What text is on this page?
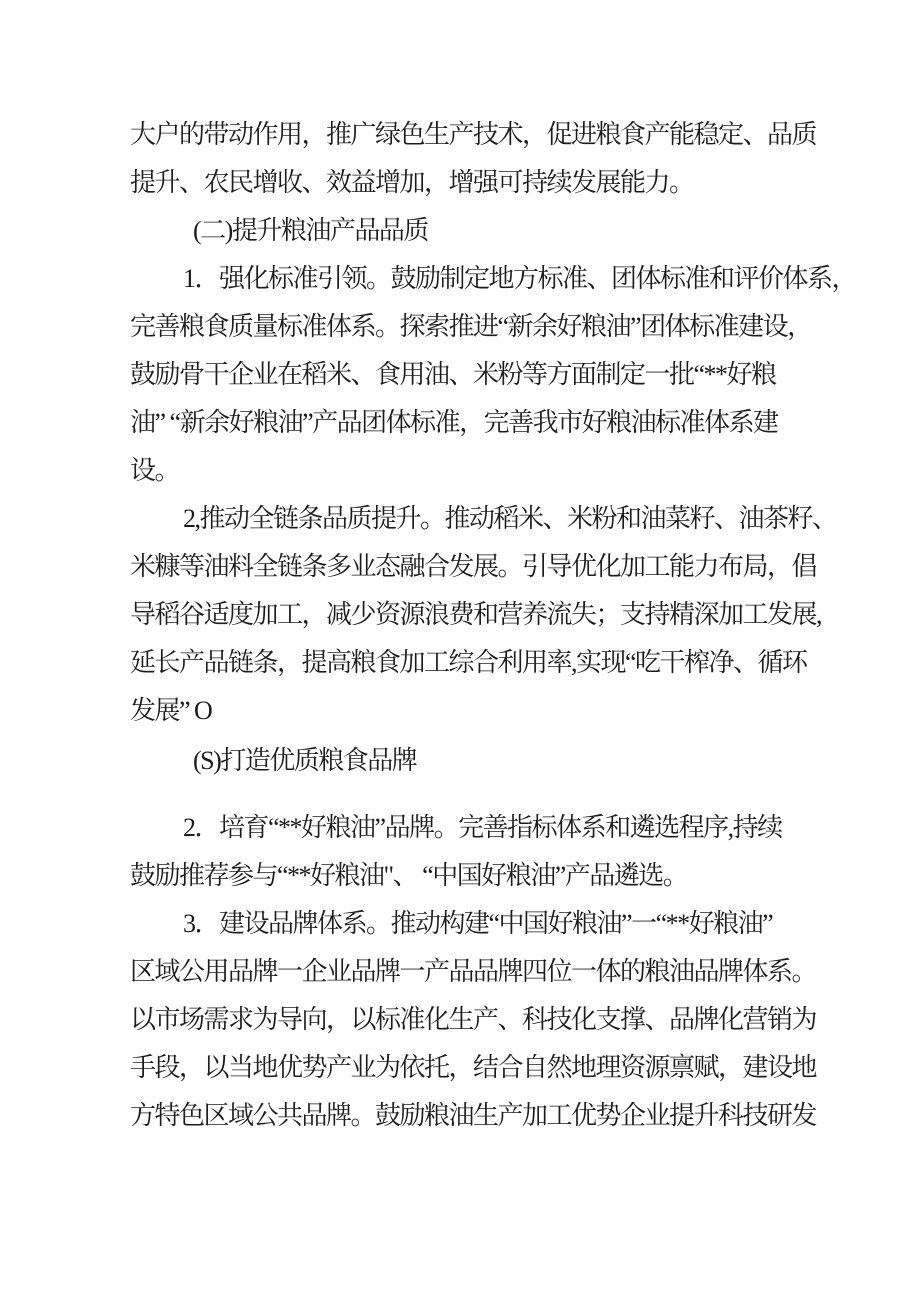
大户的带动作用，推广绿色生产技术，促进粮食产能稳定、品质
提升、农民增收、效益增加，增强可持续发展能力。
(二)提升粮油产品品质
1．强化标准引领。鼓励制定地方标准、团体标准和评价体系，
完善粮食质量标准体系。探索推进“新余好粮油”团体标准建设，
鼓励骨干企业在稻米、食用油、米粉等方面制定一批“**好粮
油” “新余好粮油”产品团体标准，完善我市好粮油标准体系建
设。
2,推动全链条品质提升。推动稻米、米粉和油菜籽、油茶籽、
米糠等油料全链条多业态融合发展。引导优化加工能力布局，倡
导稻谷适度加工，减少资源浪费和营养流失；支持精深加工发展,
延长产品链条，提高粮食加工综合利用率,实现“吃干榨净、循环
发展” O
(S)打造优质粮食品牌
2．培育“**好粮油”品牌。完善指标体系和遴选程序,持续
鼓励推荐参与“**好粮油"、 “中国好粮油”产品遴选。
3．建设品牌体系。推动构建“中国好粮油”一“**好粮油”
区域公用品牌一企业品牌一产品品牌四位一体的粮油品牌体系。
以市场需求为导向，以标准化生产、科技化支撑、品牌化营销为
手段，以当地优势产业为依托，结合自然地理资源禀赋，建设地
方特色区域公共品牌。鼓励粮油生产加工优势企业提升科技研发
